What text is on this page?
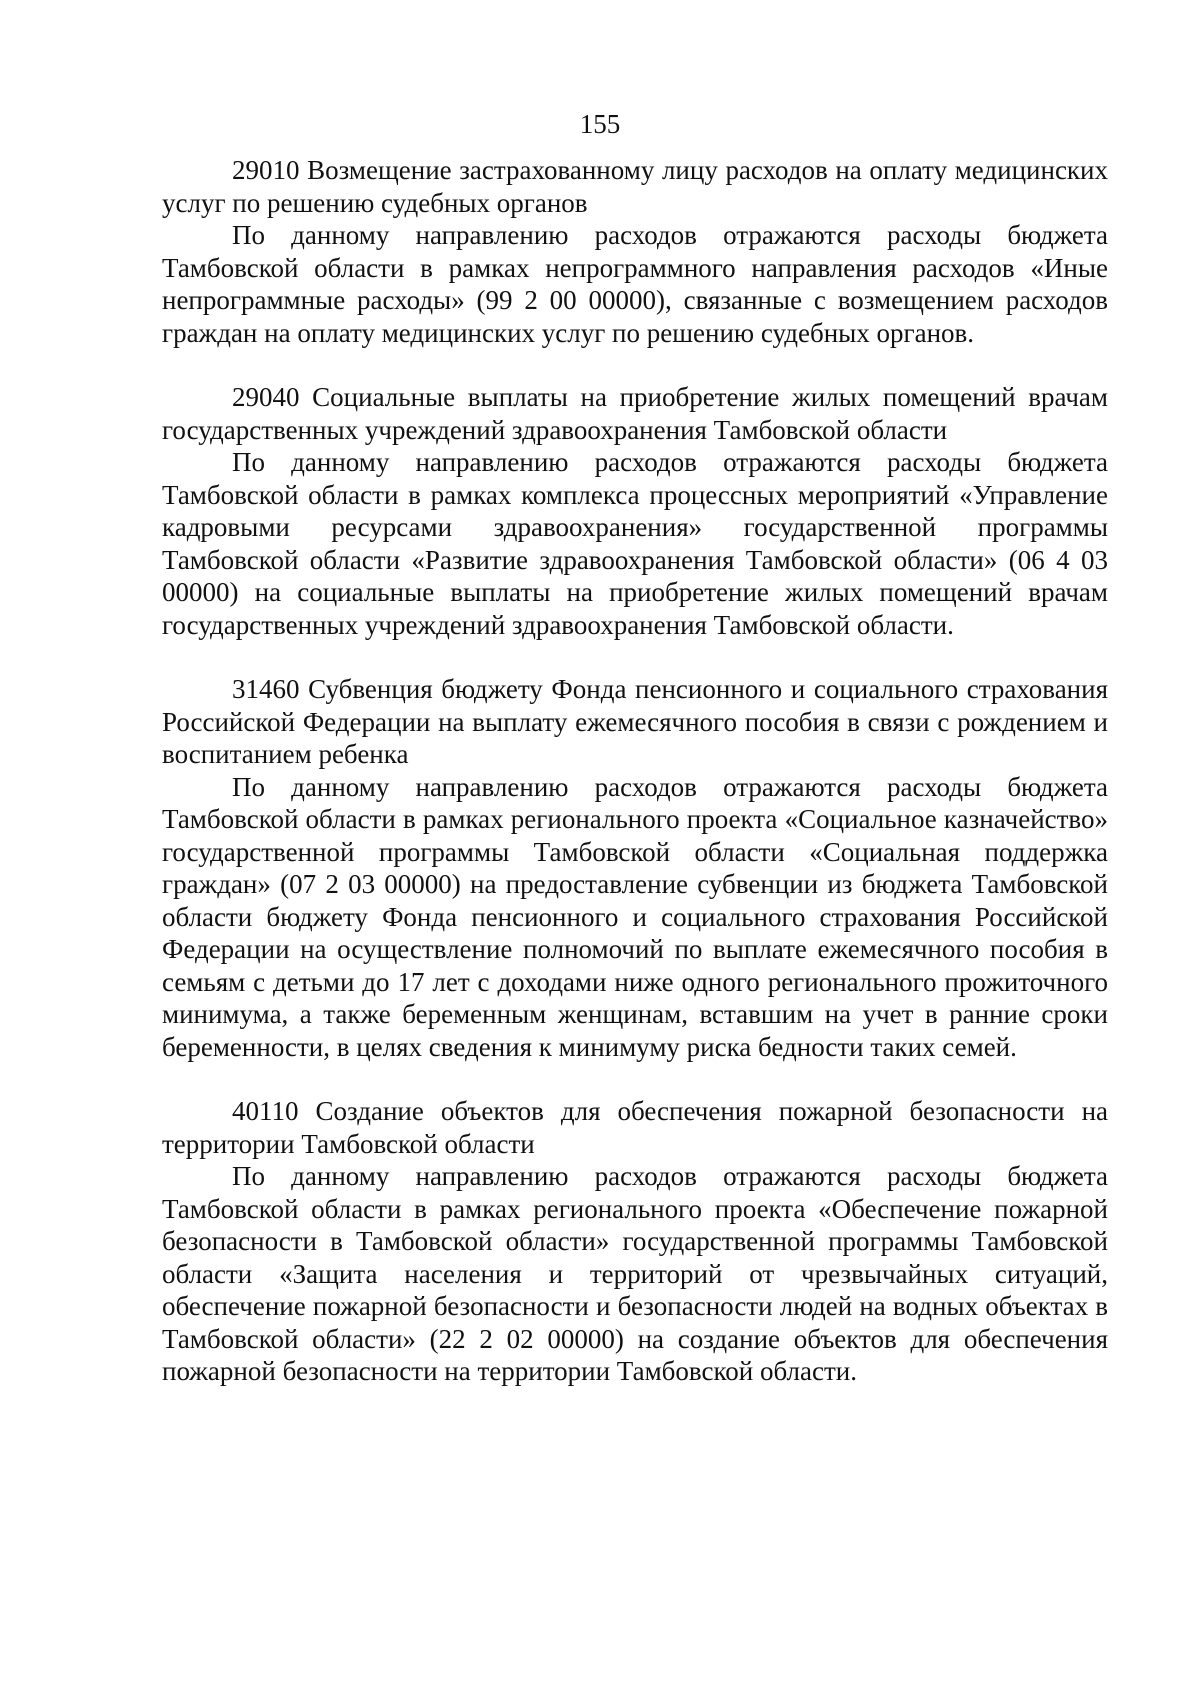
155

29010 Возмещение застрахованному лицу расходов на оплату медицинских услуг по решению судебных органов

По данному направлению расходов отражаются расходы бюджета Тамбовской области в рамках непрограммного направления расходов «Иные непрограммные расходы» (99 2 00 00000), связанные с возмещением расходов граждан на оплату медицинских услуг по решению судебных органов.

29040 Социальные выплаты на приобретение жилых помещений врачам государственных учреждений здравоохранения Тамбовской области

По данному направлению расходов отражаются расходы бюджета Тамбовской области в рамках комплекса процессных мероприятий «Управление кадровыми ресурсами здравоохранения» государственной программы Тамбовской области «Развитие здравоохранения Тамбовской области» (06 4 03 00000) на социальные выплаты на приобретение жилых помещений врачам государственных учреждений здравоохранения Тамбовской области.

31460 Субвенция бюджету Фонда пенсионного и социального страхования Российской Федерации на выплату ежемесячного пособия в связи с рождением и воспитанием ребенка

По данному направлению расходов отражаются расходы бюджета Тамбовской области в рамках регионального проекта «Социальное казначейство» государственной программы Тамбовской области «Социальная поддержка граждан» (07 2 03 00000) на предоставление субвенции из бюджета Тамбовской области бюджету Фонда пенсионного и социального страхования Российской Федерации на осуществление полномочий по выплате ежемесячного пособия в семьям с детьми до 17 лет с доходами ниже одного регионального прожиточного минимума, а также беременным женщинам, вставшим на учет в ранние сроки беременности, в целях сведения к минимуму риска бедности таких семей.

40110 Создание объектов для обеспечения пожарной безопасности на территории Тамбовской области

По данному направлению расходов отражаются расходы бюджета Тамбовской области в рамках регионального проекта «Обеспечение пожарной безопасности в Тамбовской области» государственной программы Тамбовской области «Защита населения и территорий от чрезвычайных ситуаций, обеспечение пожарной безопасности и безопасности людей на водных объектах в Тамбовской области» (22 2 02 00000) на создание объектов для обеспечения пожарной безопасности на территории Тамбовской области.
